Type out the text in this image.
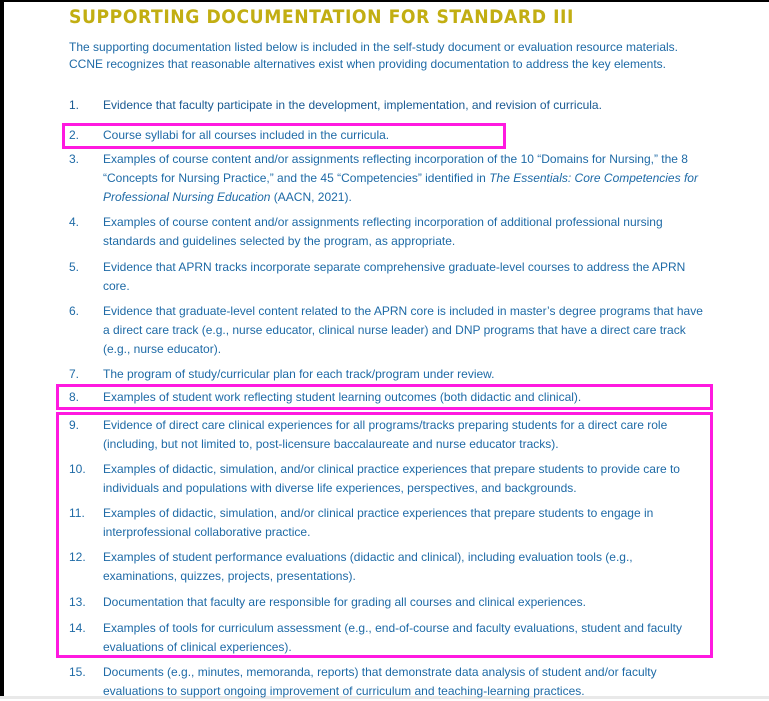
SUPPORTING DOCUMENTATION FOR STANDARD III
The supporting documentation listed below is included in the self-study document or evaluation resource materials. CCNE recognizes that reasonable alternatives exist when providing documentation to address the key elements.
1.	Evidence that faculty participate in the development, implementation, and revision of curricula.
2.	Course syllabi for all courses included in the curricula.
3.	Examples of course content and/or assignments reflecting incorporation of the 10 “Domains for Nursing,” the 8 “Concepts for Nursing Practice,” and the 45 “Competencies” identified in The Essentials: Core Competencies for Professional Nursing Education (AACN, 2021).
4.	Examples of course content and/or assignments reflecting incorporation of additional professional nursing standards and guidelines selected by the program, as appropriate.
5.	Evidence that APRN tracks incorporate separate comprehensive graduate-level courses to address the APRN core.
6.	Evidence that graduate-level content related to the APRN core is included in master’s degree programs that have a direct care track (e.g., nurse educator, clinical nurse leader) and DNP programs that have a direct care track (e.g., nurse educator).
7.	The program of study/curricular plan for each track/program under review.
8.	Examples of student work reflecting student learning outcomes (both didactic and clinical).
9.	Evidence of direct care clinical experiences for all programs/tracks preparing students for a direct care role (including, but not limited to, post-licensure baccalaureate and nurse educator tracks).
10.	Examples of didactic, simulation, and/or clinical practice experiences that prepare students to provide care to individuals and populations with diverse life experiences, perspectives, and backgrounds.
11.	Examples of didactic, simulation, and/or clinical practice experiences that prepare students to engage in interprofessional collaborative practice.
12.	Examples of student performance evaluations (didactic and clinical), including evaluation tools (e.g., examinations, quizzes, projects, presentations).
13.	Documentation that faculty are responsible for grading all courses and clinical experiences.
14.	Examples of tools for curriculum assessment (e.g., end-of-course and faculty evaluations, student and faculty evaluations of clinical experiences).
15.	Documents (e.g., minutes, memoranda, reports) that demonstrate data analysis of student and/or faculty evaluations to support ongoing improvement of curriculum and teaching-learning practices.
